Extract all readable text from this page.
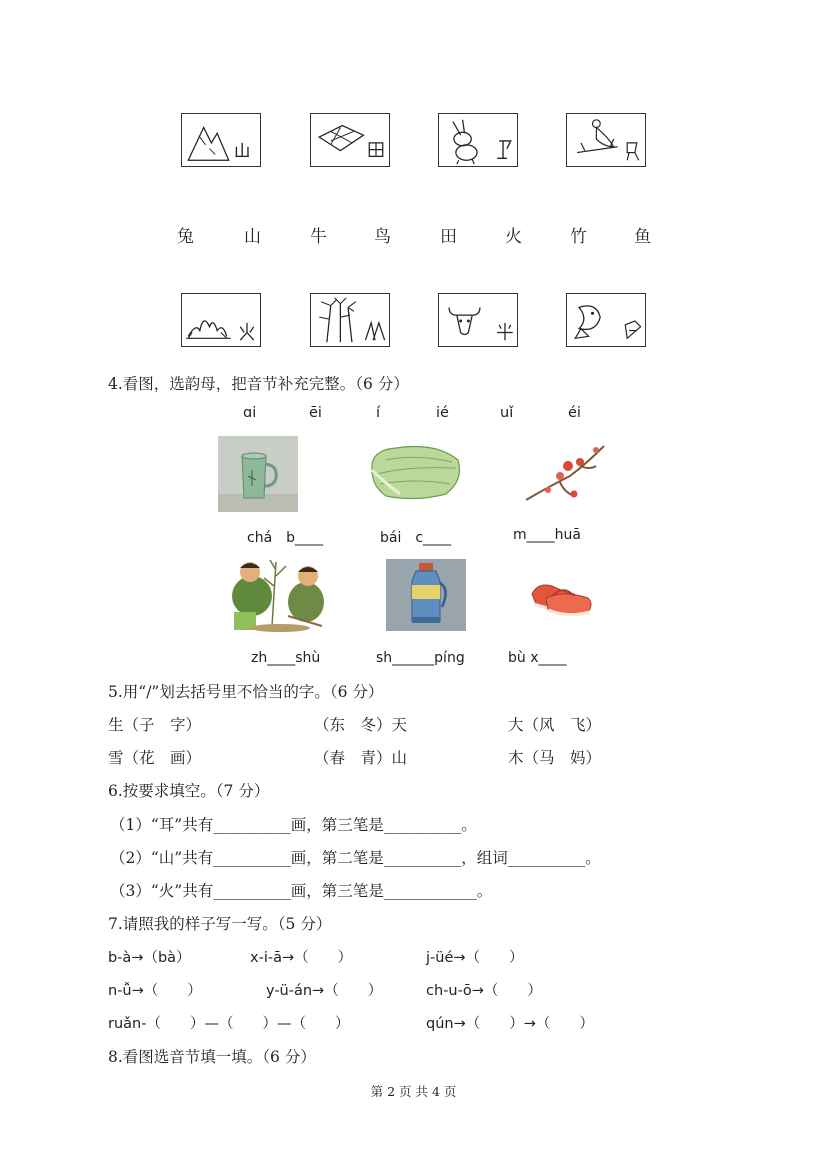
兔	山	牛	鸟	田	火	竹	鱼
4.看图，选韵母，把音节补充完整。（6 分）
ɑi	ēi	í	ié	uǐ	éi
chá　b____	bái　c____	m____huā
zh____shù	sh______píng	bù x____
5.用“/”划去括号里不恰当的字。（6 分）
生（子　字）	（东　冬）天	大（风　飞）
雪（花　画）	（春　青）山	木（马　妈）
6.按要求填空。（7 分）
（1）“耳”共有__________画，第三笔是__________。
（2）“山”共有__________画，第二笔是__________，组词__________。
（3）“火”共有__________画，第三笔是____________。
7.请照我的样子写一写。（5 分）
b-à→（bà）	x-i-ā→（　　）	j-üé→（　　）
n-ǚ→（　　）	y-ü-án→（　　）	ch-u-ō→（　　）
ruǎn-（　　）—（　　）—（　　）	qún→（　　）→（　　）
8.看图选音节填一填。（6 分）
第 2 页 共 4 页
